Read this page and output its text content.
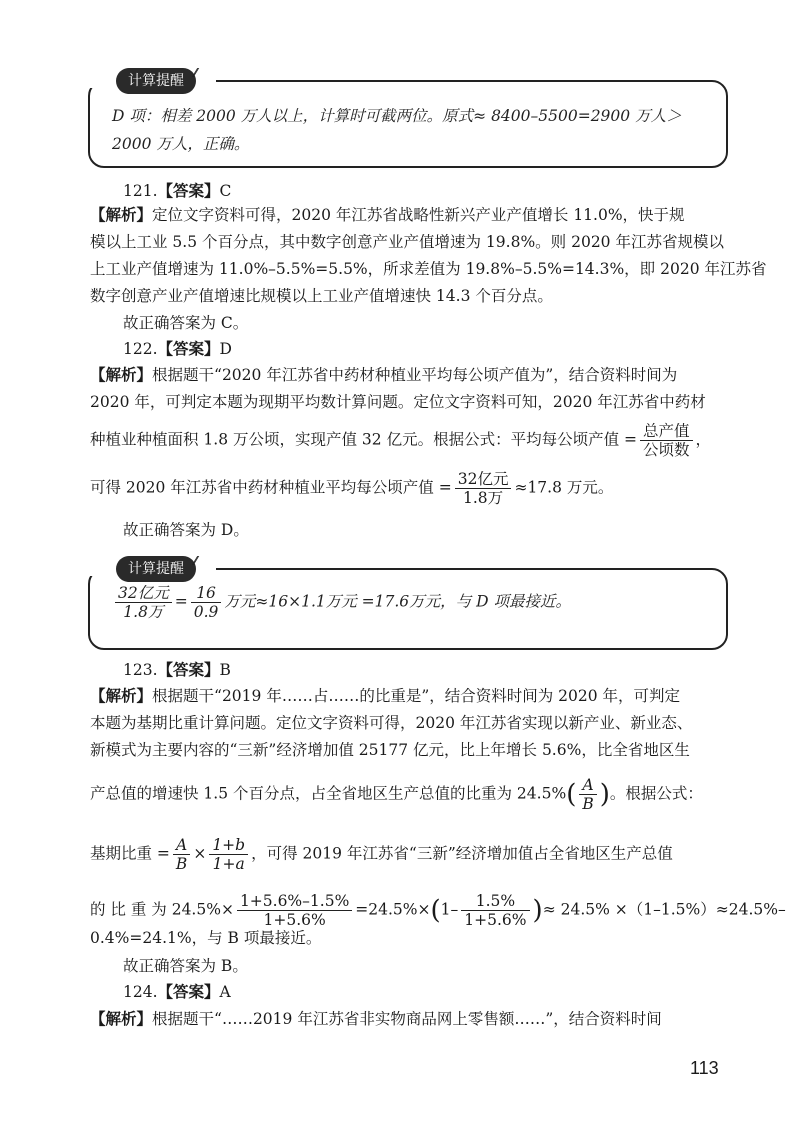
计算提醒 ⁄⁄
D 项：相差 2000 万人以上，计算时可截两位。原式≈ 8400–5500=2900 万人＞
2000 万人，正确。
121.【答案】C
【解析】定位文字资料可得，2020 年江苏省战略性新兴产业产值增长 11.0%，快于规
模以上工业 5.5 个百分点，其中数字创意产业产值增速为 19.8%。则 2020 年江苏省规模以
上工业产值增速为 11.0%–5.5%=5.5%，所求差值为 19.8%–5.5%=14.3%，即 2020 年江苏省
数字创意产业产值增速比规模以上工业产值增速快 14.3 个百分点。
故正确答案为 C。
122.【答案】D
【解析】根据题干“2020 年江苏省中药材种植业平均每公顷产值为”，结合资料时间为
2020 年，可判定本题为现期平均数计算问题。定位文字资料可知，2020 年江苏省中药材
种植业种植面积 1.8 万公顷，实现产值 32 亿元。根据公式：平均每公顷产值 = $\frac{\text{总产值}}{\text{公顷数}}$ ，
可得 2020 年江苏省中药材种植业平均每公顷产值 = $\frac{\text{32亿元}}{\text{1.8万}} \approx 17.8$ 万元。
故正确答案为 D。
计算提醒 ⁄⁄
$\frac{\text{32亿元}}{\text{1.8万}} = \frac{16}{0.9}$ 万元≈16×1.1万元 =17.6万元，与 D 项最接近。
123.【答案】B
【解析】根据题干“2019 年……占……的比重是”，结合资料时间为 2020 年，可判定
本题为基期比重计算问题。定位文字资料可得，2020 年江苏省实现以新产业、新业态、
新模式为主要内容的“三新”经济增加值 25177 亿元，比上年增长 5.6%，比全省地区生
产总值的增速快 1.5 个百分点，占全省地区生产总值的比重为 $24.5\%( \frac{A}{B}$ )。根据公式：
基期比重 = $\frac{A}{B} \times \frac{1+b}{1+a}$ ，可得 2019 年江苏省“三新”经济增加值占全省地区生产总值
的 比 重 为 $24.5\%\times \frac{1+5.6\%-1.5\%}{1+5.6\%} =24.5\%\times(1- \frac{1.5\%}{1+5.6\%}$ )≈ 24.5% ×（1–1.5%）≈24.5%–
0.4%=24.1%，与 B 项最接近。
故正确答案为 B。
124.【答案】A
【解析】根据题干“……2019 年江苏省非实物商品网上零售额……”，结合资料时间
113
